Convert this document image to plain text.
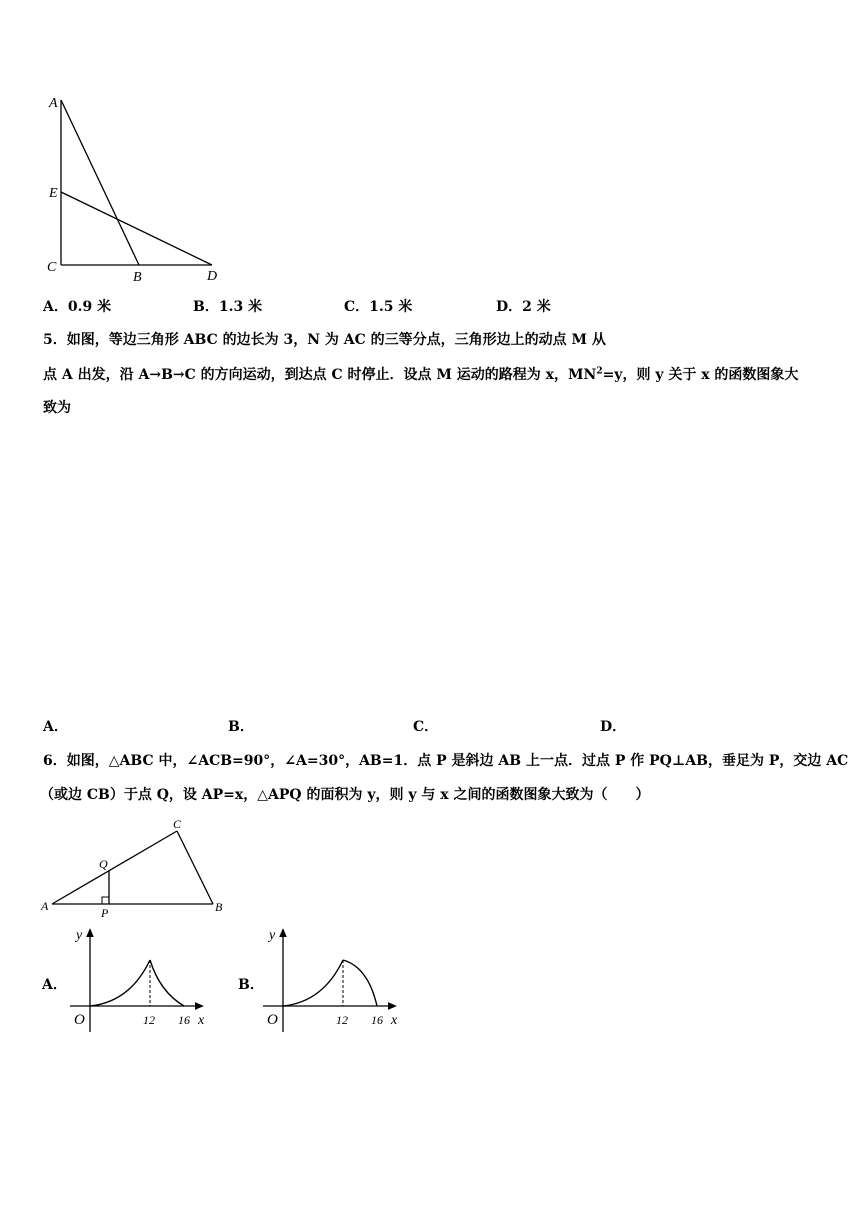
A
E
C
B	D
A．0.9 米	B．1.3 米	C．1.5 米	D．2 米
5．如图，等边三角形 ABC 的边长为 3，N 为 AC 的三等分点，三角形边上的动点 M 从
点 A 出发，沿 A→B→C 的方向运动，到达点 C 时停止．设点 M 运动的路程为 x，$MN^2=y$，则 y 关于 x 的函数图象大
致为
A．	B．	C．	D．
6．如图，△ABC 中，∠ACB=90°，∠A=30°，AB=1．点 P 是斜边 AB 上一点．过点 P 作 PQ⊥AB，垂足为 P，交边 AC
（或边 CB）于点 Q，设 AP=x，△APQ 的面积为 y，则 y 与 x 之间的函数图象大致为（　　）
C
Q
A	P	B
A．
y
O	12 16 x
B．
y
O	12 16 x
